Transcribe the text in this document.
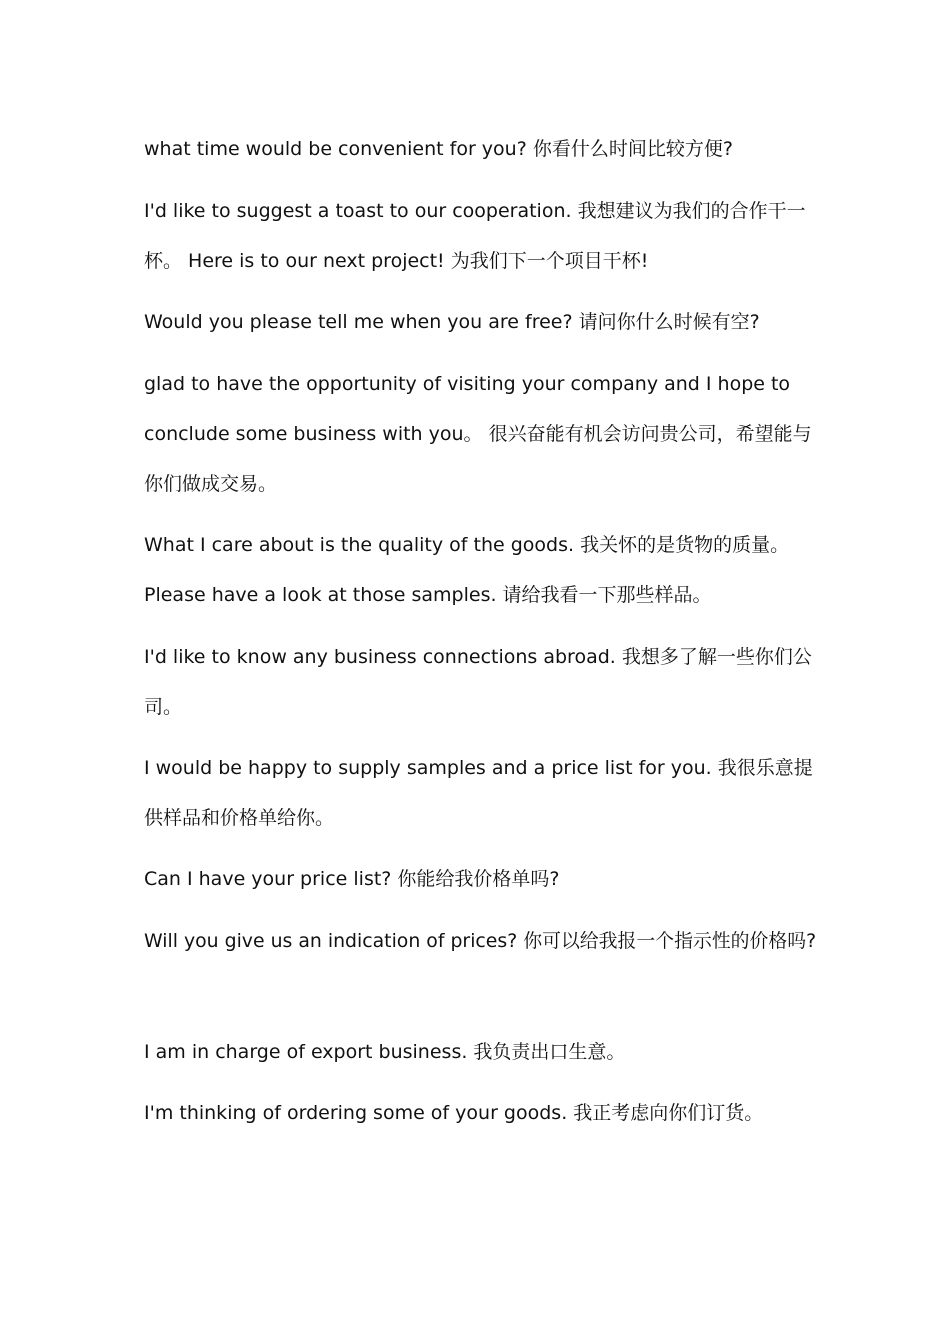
what time would be convenient for you? 你看什么时间比较方便?
I'd like to suggest a toast to our cooperation. 我想建议为我们的合作干一
杯。 Here is to our next project! 为我们下一个项目干杯!
Would you please tell me when you are free? 请问你什么时候有空?
glad to have the opportunity of visiting your company and I hope to
conclude some business with you。 很兴奋能有机会访问贵公司，希望能与
你们做成交易。
What I care about is the quality of the goods. 我关怀的是货物的质量。
Please have a look at those samples. 请给我看一下那些样品。
I'd like to know any business connections abroad. 我想多了解一些你们公
司。
I would be happy to supply samples and a price list for you. 我很乐意提
供样品和价格单给你。
Can I have your price list? 你能给我价格单吗?
Will you give us an indication of prices? 你可以给我报一个指示性的价格吗?
I am in charge of export business. 我负责出口生意。
I'm thinking of ordering some of your goods. 我正考虑向你们订货。
